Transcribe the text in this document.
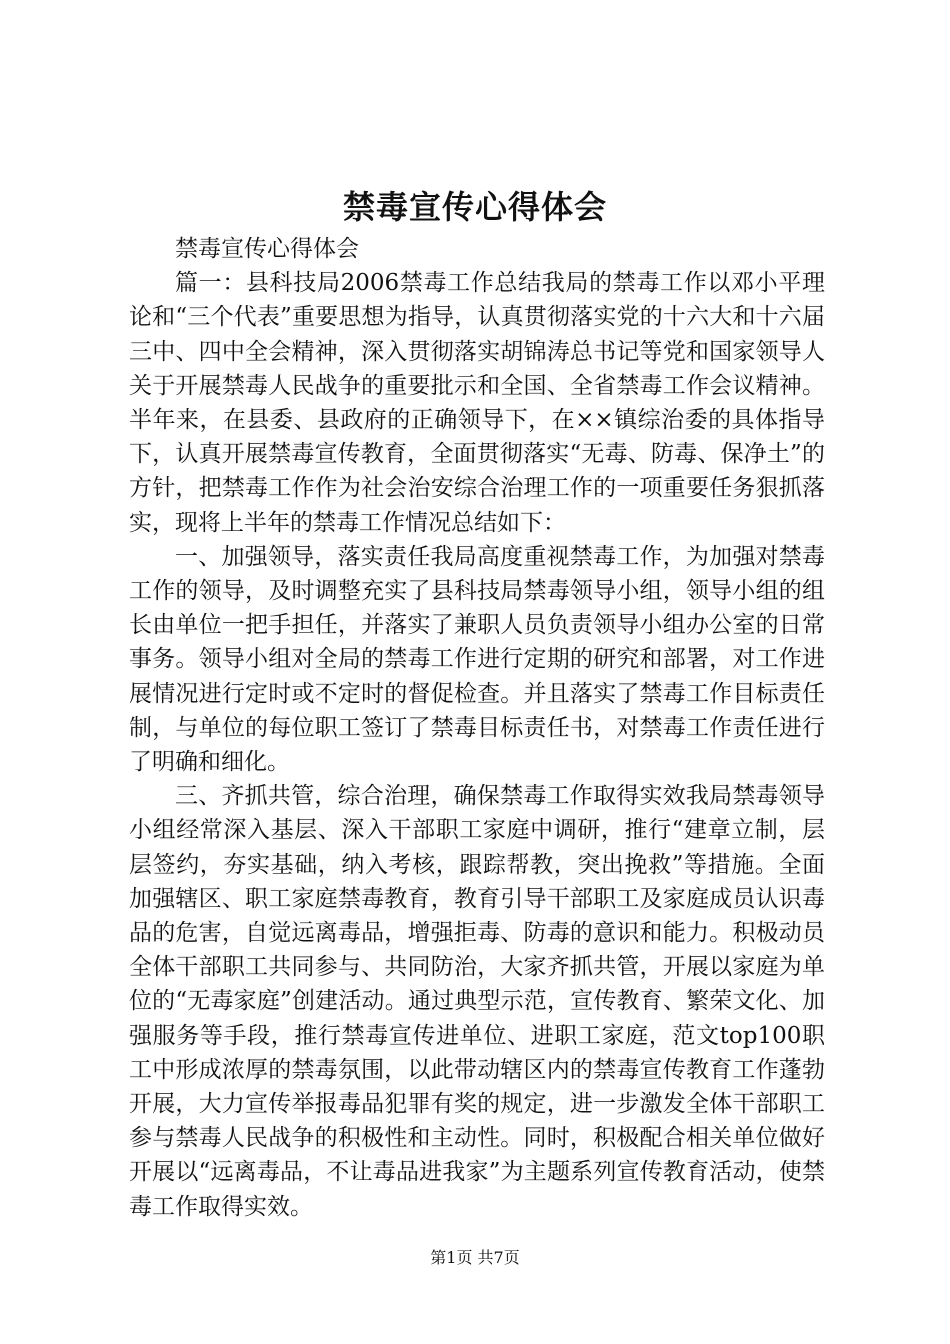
禁毒宣传心得体会

禁毒宣传心得体会

篇一：县科技局2006禁毒工作总结我局的禁毒工作以邓小平理论和“三个代表”重要思想为指导，认真贯彻落实党的十六大和十六届三中、四中全会精神，深入贯彻落实胡锦涛总书记等党和国家领导人关于开展禁毒人民战争的重要批示和全国、全省禁毒工作会议精神。半年来，在县委、县政府的正确领导下，在××镇综治委的具体指导下，认真开展禁毒宣传教育，全面贯彻落实“无毒、防毒、保净土”的方针，把禁毒工作作为社会治安综合治理工作的一项重要任务狠抓落实，现将上半年的禁毒工作情况总结如下：

一、加强领导，落实责任我局高度重视禁毒工作，为加强对禁毒工作的领导，及时调整充实了县科技局禁毒领导小组，领导小组的组长由单位一把手担任，并落实了兼职人员负责领导小组办公室的日常事务。领导小组对全局的禁毒工作进行定期的研究和部署，对工作进展情况进行定时或不定时的督促检查。并且落实了禁毒工作目标责任制，与单位的每位职工签订了禁毒目标责任书，对禁毒工作责任进行了明确和细化。

三、齐抓共管，综合治理，确保禁毒工作取得实效我局禁毒领导小组经常深入基层、深入干部职工家庭中调研，推行“建章立制，层层签约，夯实基础，纳入考核，跟踪帮教，突出挽救”等措施。全面加强辖区、职工家庭禁毒教育，教育引导干部职工及家庭成员认识毒品的危害，自觉远离毒品，增强拒毒、防毒的意识和能力。积极动员全体干部职工共同参与、共同防治，大家齐抓共管，开展以家庭为单位的“无毒家庭”创建活动。通过典型示范，宣传教育、繁荣文化、加强服务等手段，推行禁毒宣传进单位、进职工家庭，范文top100职工中形成浓厚的禁毒氛围，以此带动辖区内的禁毒宣传教育工作蓬勃开展，大力宣传举报毒品犯罪有奖的规定，进一步激发全体干部职工参与禁毒人民战争的积极性和主动性。同时，积极配合相关单位做好开展以“远离毒品，不让毒品进我家”为主题系列宣传教育活动，使禁毒工作取得实效。

第1页 共7页
